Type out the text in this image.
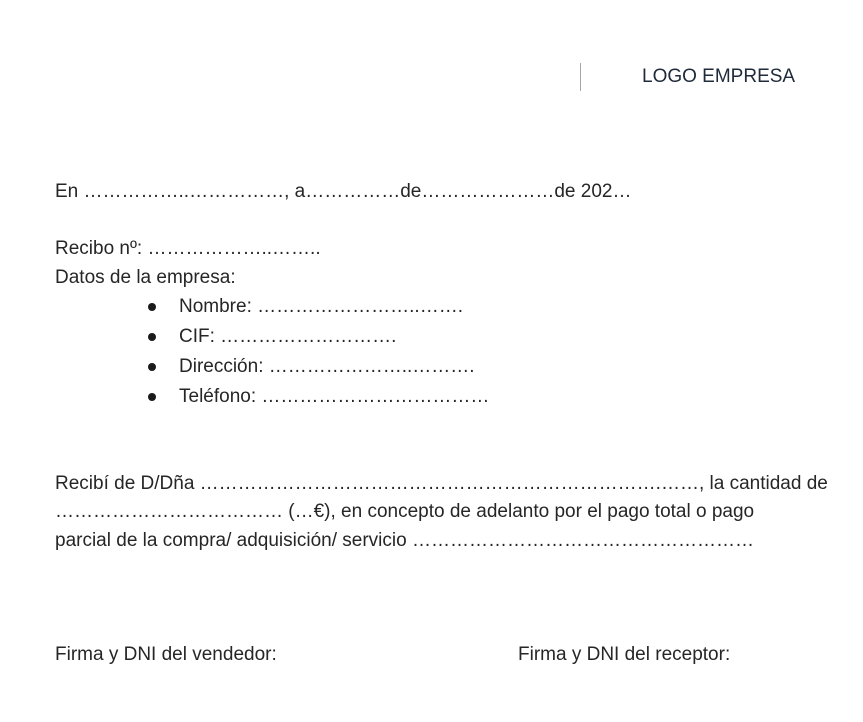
LOGO EMPRESA
En ……………..……………, a……………de…………………de 202…
Recibo nº: ………………..……..
Datos de la empresa:
Nombre: ……………………..…….
CIF: ……………………….
Dirección: …………………..……….
Teléfono: ………………………………
Recibí de D/Dña ……………………………………………………………….……, la cantidad de
……………………………… (…€), en concepto de adelanto por el pago total o pago
parcial de la compra/ adquisición/ servicio ………………………………………………
Firma y DNI del vendedor:	Firma y DNI del receptor:
